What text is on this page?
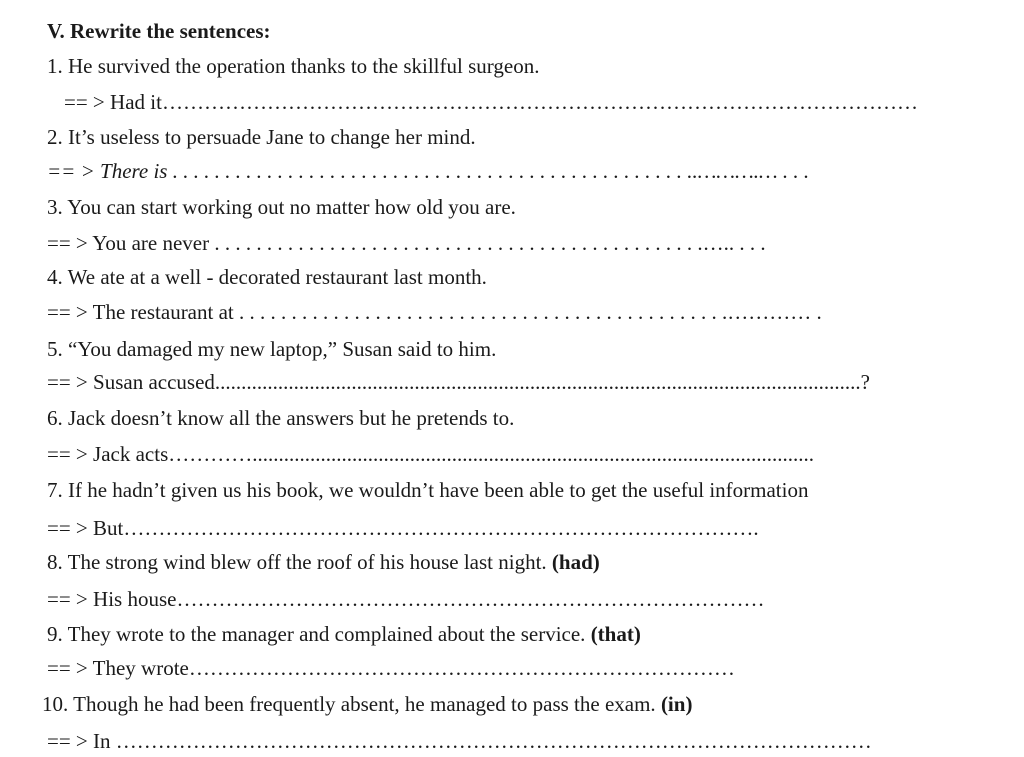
V. Rewrite the sentences:
1. He survived the operation thanks to the skillful surgeon.
== > Had it………………………………………………………………………………………………
2. It’s useless to persuade Jane to change her mind.
== > There is . . . . . . . . . . . . . . . . . . . . . . . . . . . . . . . . . . . . . . . . . . . . . . . . . ..……….… . . .
3. You can start working out no matter how old you are.
== > You are never . . . . . . . . . . . . . . . . . . . . . . . . . . . . . . . . . . . . . . . . . . . . . . .….. . . .
4. We ate at a well - decorated restaurant last month.
== > The restaurant at . . . . . . . . . . . . . . . . . . . . . . . . . . . . . . . . . . . . . . . . . . . . . . .………… .
5. “You damaged my new laptop,” Susan said to him.
== > Susan accused...........................................................................................................................?
6. Jack doesn’t know all the answers but he pretends to.
== > Jack acts…………...........................................................................................................
7. If he hadn’t given us his book, we wouldn’t have been able to get the useful information
== > But……………………………………………………………………………….
8. The strong wind blew off the roof of his house last night. (had)
== > His house…………………………………………………………………………
9. They wrote to the manager and complained about the service. (that)
== > They wrote……………………………………………………………………
10. Though he had been frequently absent, he managed to pass the exam. (in)
== > In ………………………………………………………………………………………………
